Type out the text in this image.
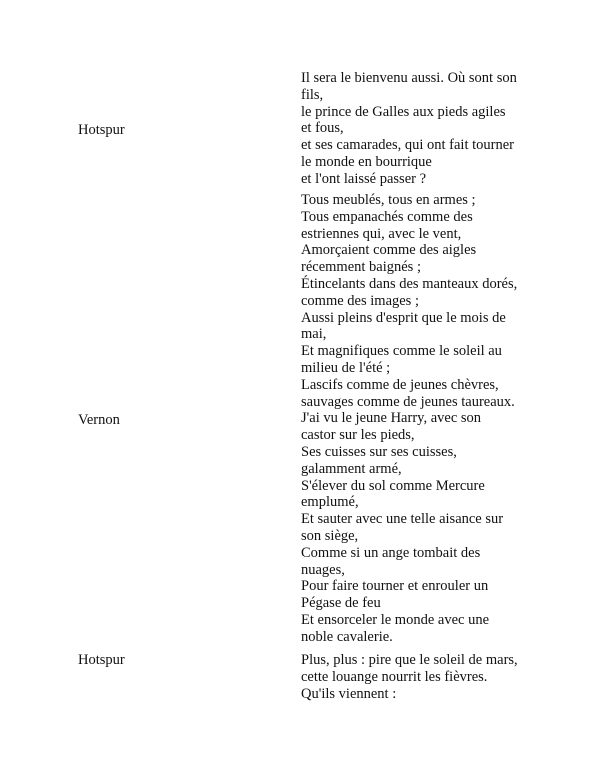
Hotspur
Il sera le bienvenu aussi. Où sont son
fils,
le prince de Galles aux pieds agiles
et fous,
et ses camarades, qui ont fait tourner
le monde en bourrique
et l'ont laissé passer ?
Vernon
Tous meublés, tous en armes ;
Tous empanachés comme des
estriennes qui, avec le vent,
Amorçaient comme des aigles
récemment baignés ;
Étincelants dans des manteaux dorés,
comme des images ;
Aussi pleins d'esprit que le mois de
mai,
Et magnifiques comme le soleil au
milieu de l'été ;
Lascifs comme de jeunes chèvres,
sauvages comme de jeunes taureaux.
J'ai vu le jeune Harry, avec son
castor sur les pieds,
Ses cuisses sur ses cuisses,
galamment armé,
S'élever du sol comme Mercure
emplumé,
Et sauter avec une telle aisance sur
son siège,
Comme si un ange tombait des
nuages,
Pour faire tourner et enrouler un
Pégase de feu
Et ensorceler le monde avec une
noble cavalerie.
Hotspur	Plus, plus : pire que le soleil de mars,
cette louange nourrit les fièvres.
Qu'ils viennent :
